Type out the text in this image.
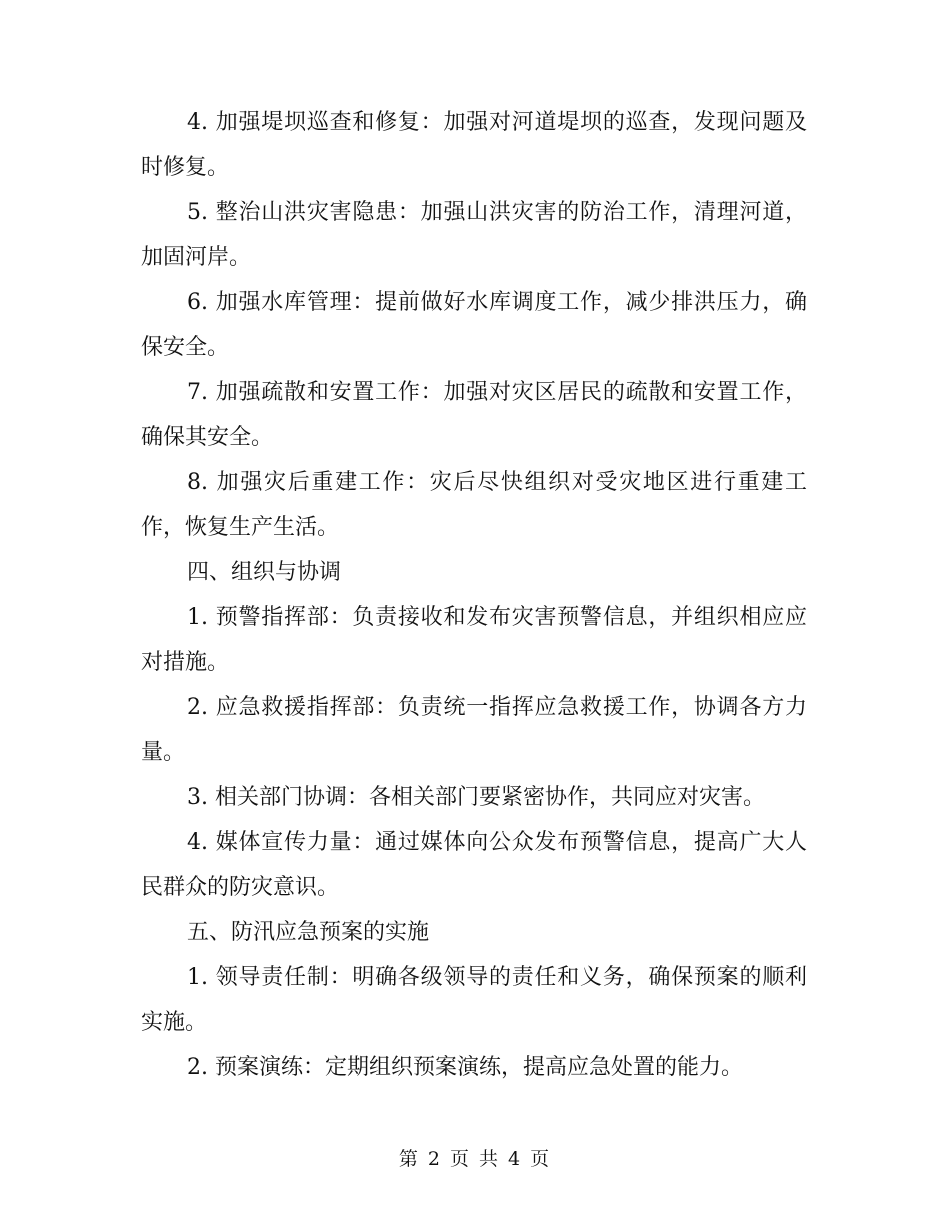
4. 加强堤坝巡查和修复：加强对河道堤坝的巡查，发现问题及时修复。

5. 整治山洪灾害隐患：加强山洪灾害的防治工作，清理河道，加固河岸。

6. 加强水库管理：提前做好水库调度工作，减少排洪压力，确保安全。

7. 加强疏散和安置工作：加强对灾区居民的疏散和安置工作，确保其安全。

8. 加强灾后重建工作：灾后尽快组织对受灾地区进行重建工作，恢复生产生活。

四、组织与协调

1. 预警指挥部：负责接收和发布灾害预警信息，并组织相应应对措施。

2. 应急救援指挥部：负责统一指挥应急救援工作，协调各方力量。

3. 相关部门协调：各相关部门要紧密协作，共同应对灾害。

4. 媒体宣传力量：通过媒体向公众发布预警信息，提高广大人民群众的防灾意识。

五、防汛应急预案的实施

1. 领导责任制：明确各级领导的责任和义务，确保预案的顺利实施。

2. 预案演练：定期组织预案演练，提高应急处置的能力。

第 2 页 共 4 页
